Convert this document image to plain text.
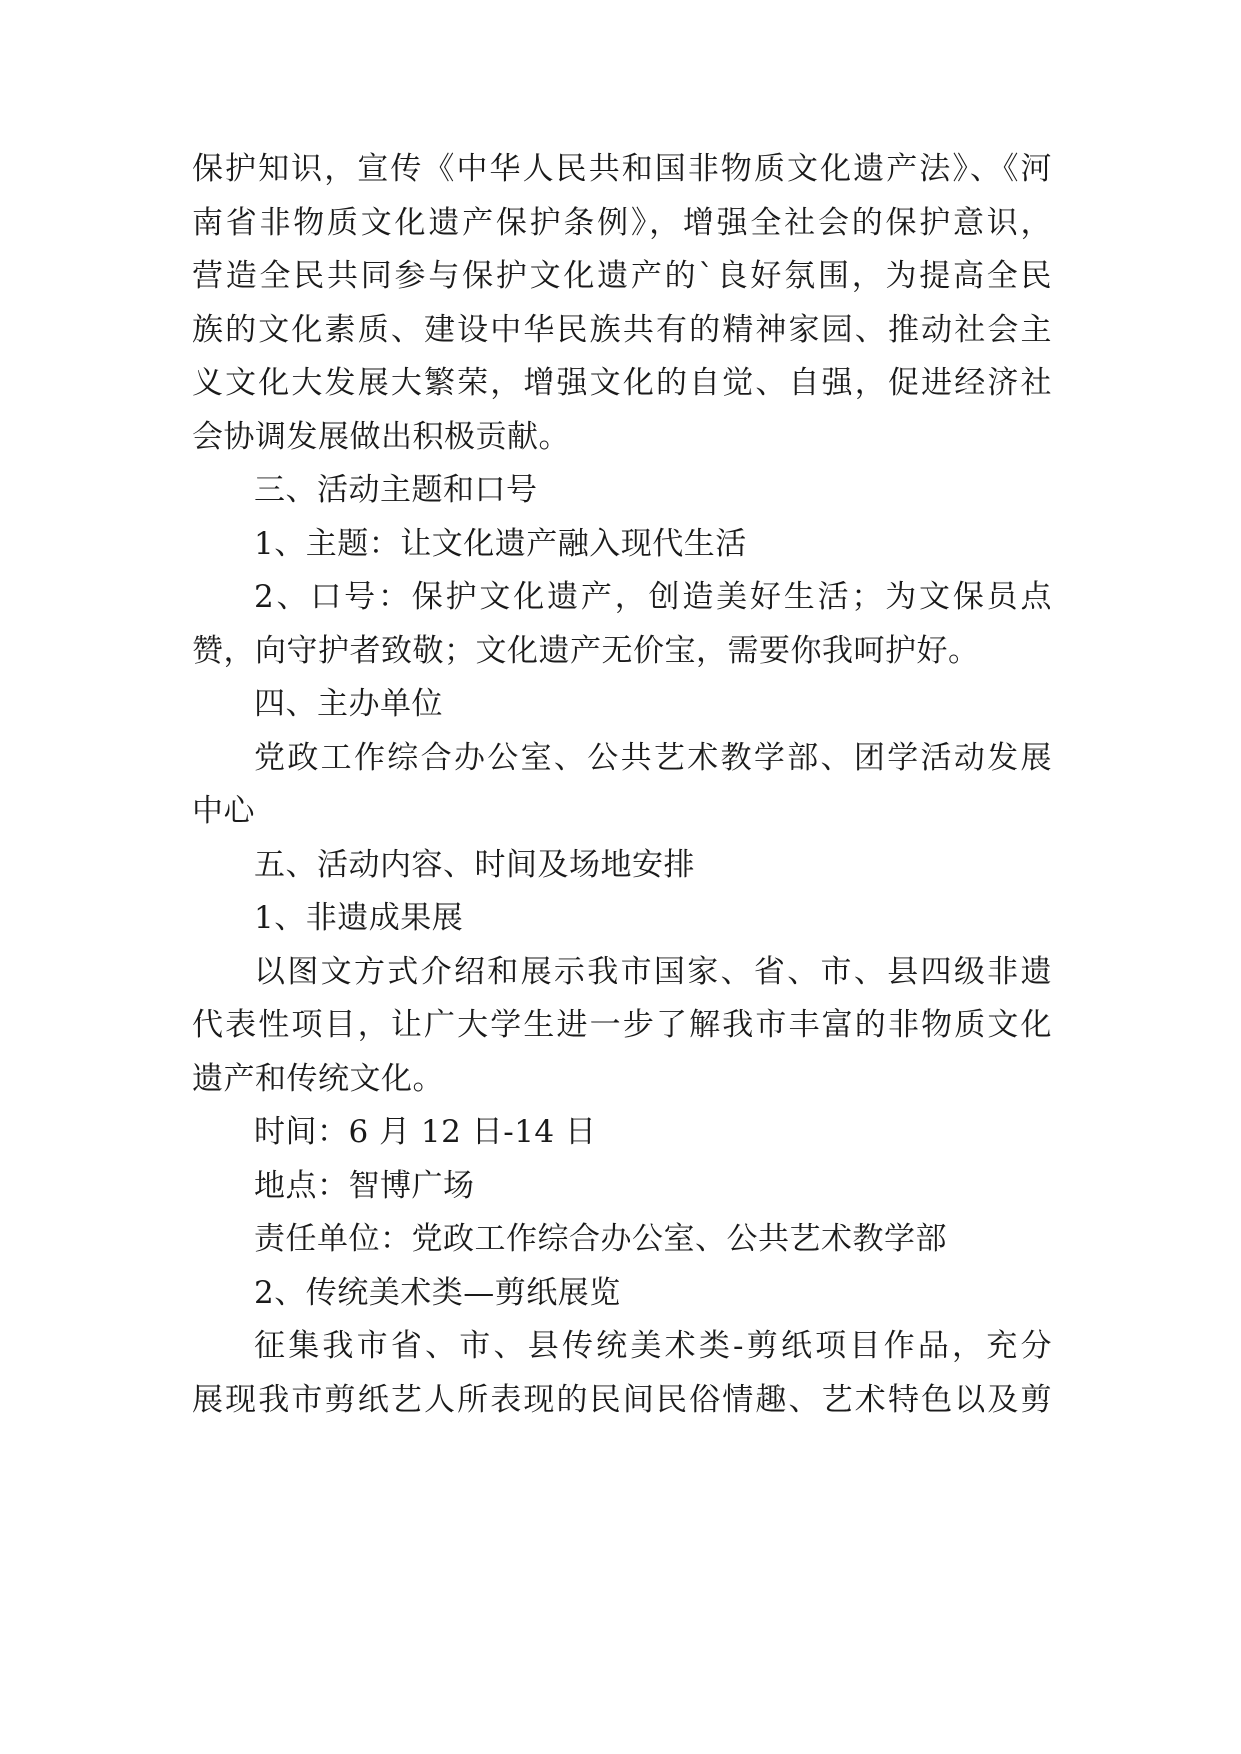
保护知识，宣传《中华人民共和国非物质文化遗产法》、《河
南省非物质文化遗产保护条例》，增强全社会的保护意识，
营造全民共同参与保护文化遗产的`良好氛围，为提高全民
族的文化素质、建设中华民族共有的精神家园、推动社会主
义文化大发展大繁荣，增强文化的自觉、自强，促进经济社
会协调发展做出积极贡献。
三、活动主题和口号
1、主题：让文化遗产融入现代生活
2、口号：保护文化遗产，创造美好生活；为文保员点
赞，向守护者致敬；文化遗产无价宝，需要你我呵护好。
四、主办单位
党政工作综合办公室、公共艺术教学部、团学活动发展
中心
五、活动内容、时间及场地安排
1、非遗成果展
以图文方式介绍和展示我市国家、省、市、县四级非遗
代表性项目，让广大学生进一步了解我市丰富的非物质文化
遗产和传统文化。
时间：6 月 12 日-14 日
地点：智博广场
责任单位：党政工作综合办公室、公共艺术教学部
2、传统美术类—剪纸展览
征集我市省、市、县传统美术类-剪纸项目作品，充分
展现我市剪纸艺人所表现的民间民俗情趣、艺术特色以及剪
